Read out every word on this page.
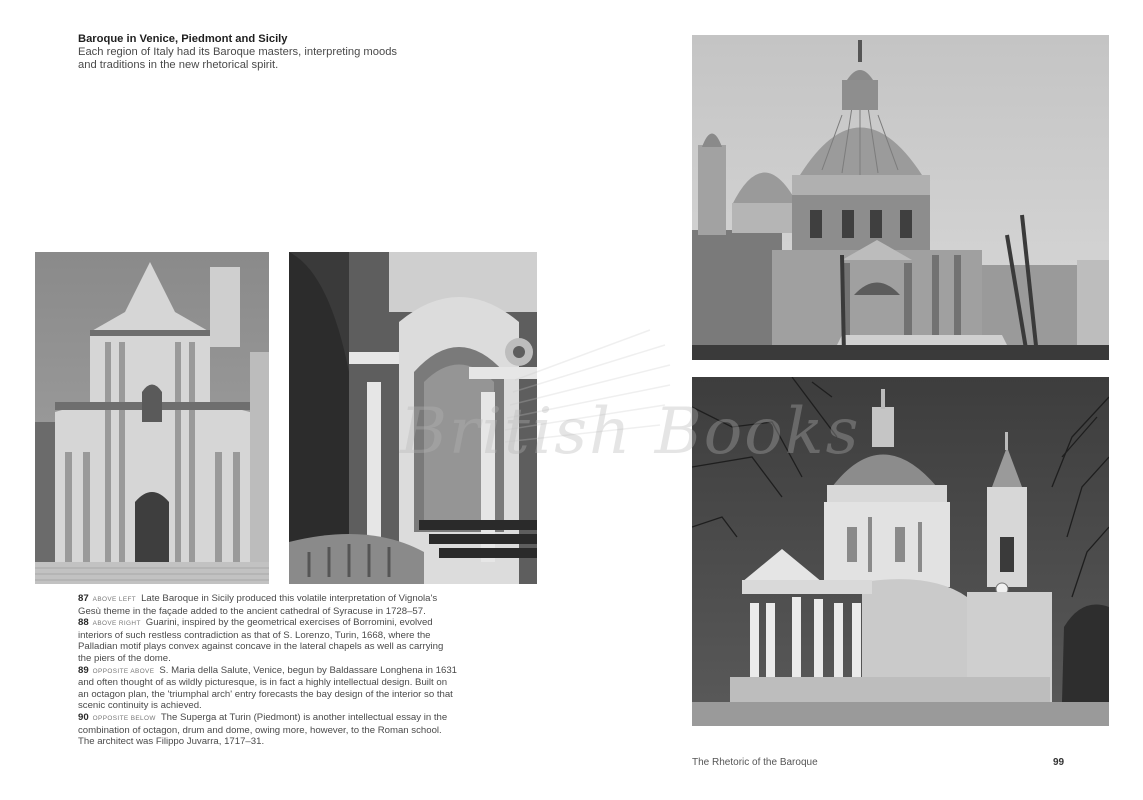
Baroque in Venice, Piedmont and Sicily
Each region of Italy had its Baroque masters, interpreting moods
and traditions in the new rhetorical spirit.
British Books

87 ABOVE LEFT Late Baroque in Sicily produced this volatile interpretation of Vignola's Gesù theme in the façade added to the ancient cathedral of Syracuse in 1728–57.

88 ABOVE RIGHT Guarini, inspired by the geometrical exercises of Borromini, evolved interiors of such restless contradiction as that of S. Lorenzo, Turin, 1668, where the Palladian motif plays convex against concave in the lateral chapels as well as carrying the piers of the dome.

89 OPPOSITE ABOVE S. Maria della Salute, Venice, begun by Baldassare Longhena in 1631 and often thought of as wildly picturesque, is in fact a highly intellectual design. Built on an octagon plan, the 'triumphal arch' entry forecasts the bay design of the interior so that scenic continuity is achieved.

90 OPPOSITE BELOW The Superga at Turin (Piedmont) is another intellectual essay in the combination of octagon, drum and dome, owing more, however, to the Roman school. The architect was Filippo Juvarra, 1717–31.

The Rhetoric of the Baroque	99
